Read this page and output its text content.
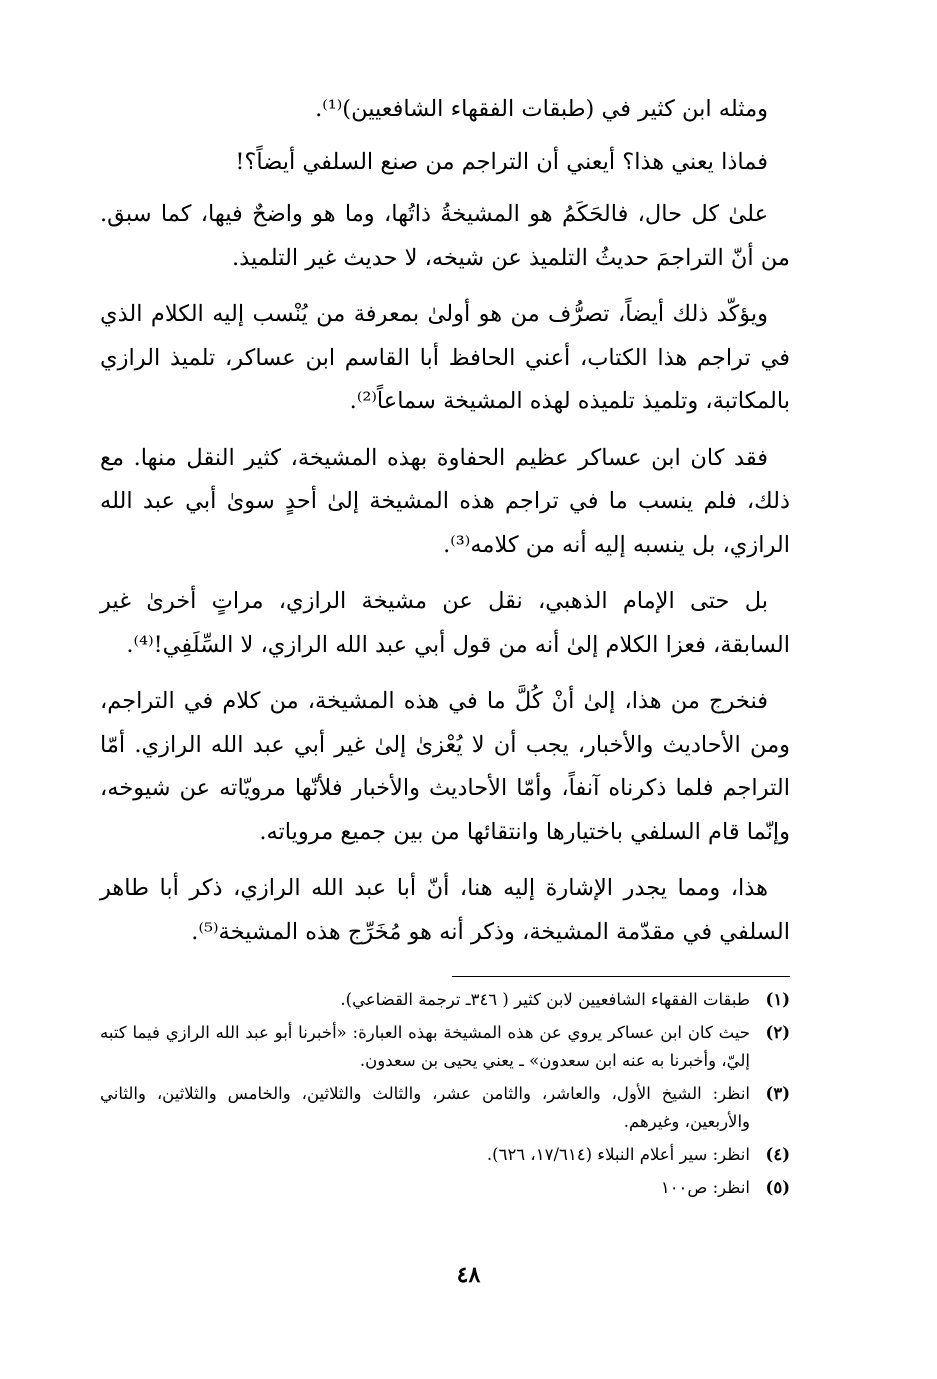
ومثله ابن كثير في (طبقات الفقهاء الشافعيين)⁽¹⁾.

فماذا يعني هذا؟ أيعني أن التراجم من صنع السلفي أيضاً؟!

علىٰ كل حال، فالحَكَمُ هو المشيخةُ ذاتُها، وما هو واضحٌ فيها، كما سبق. من أنّ التراجمَ حديثُ التلميذ عن شيخه، لا حديث غير التلميذ.

ويؤكّد ذلك أيضاً، تصرُّف من هو أولىٰ بمعرفة من يُنْسب إليه الكلام الذي في تراجم هذا الكتاب، أعني الحافظ أبا القاسم ابن عساكر، تلميذ الرازي بالمكاتبة، وتلميذ تلميذه لهذه المشيخة سماعاً⁽²⁾.

فقد كان ابن عساكر عظيم الحفاوة بهذه المشيخة، كثير النقل منها. مع ذلك، فلم ينسب ما في تراجم هذه المشيخة إلىٰ أحدٍ سوىٰ أبي عبد الله الرازي، بل ينسبه إليه أنه من كلامه⁽³⁾.

بل حتى الإمام الذهبي، نقل عن مشيخة الرازي، مراتٍ أخرىٰ غير السابقة، فعزا الكلام إلىٰ أنه من قول أبي عبد الله الرازي، لا السِّلَفِي!⁽⁴⁾.

فنخرج من هذا، إلىٰ أنْ كُلَّ ما في هذه المشيخة، من كلام في التراجم، ومن الأحاديث والأخبار، يجب أن لا يُعْزىٰ إلىٰ غير أبي عبد الله الرازي. أمّا التراجم فلما ذكرناه آنفاً، وأمّا الأحاديث والأخبار فلأنّها مرويّاته عن شيوخه، وإنّما قام السلفي باختيارها وانتقائها من بين جميع مروياته.

هذا، ومما يجدر الإشارة إليه هنا، أنّ أبا عبد الله الرازي، ذكر أبا طاهر السلفي في مقدّمة المشيخة، وذكر أنه هو مُخَرِّج هذه المشيخة⁽⁵⁾.

(١)
طبقات الفقهاء الشافعيين لابن كثير ( ٣٤٦ـ ترجمة القضاعي).
(٢)
حيث كان ابن عساكر يروي عن هذه المشيخة بهذه العبارة: «أخبرنا أبو عبد الله الرازي فيما كتبه إليّ، وأخبرنا به عنه ابن سعدون» ـ يعني يحيى بن سعدون.
(٣)
انظر: الشيخ الأول، والعاشر، والثامن عشر، والثالث والثلاثين، والخامس والثلاثين، والثاني والأربعين، وغيرهم.
(٤)
انظر: سير أعلام النبلاء (١٧/٦١٤، ٦٢٦).
(٥)
انظر: ص١٠٠
٤٨
